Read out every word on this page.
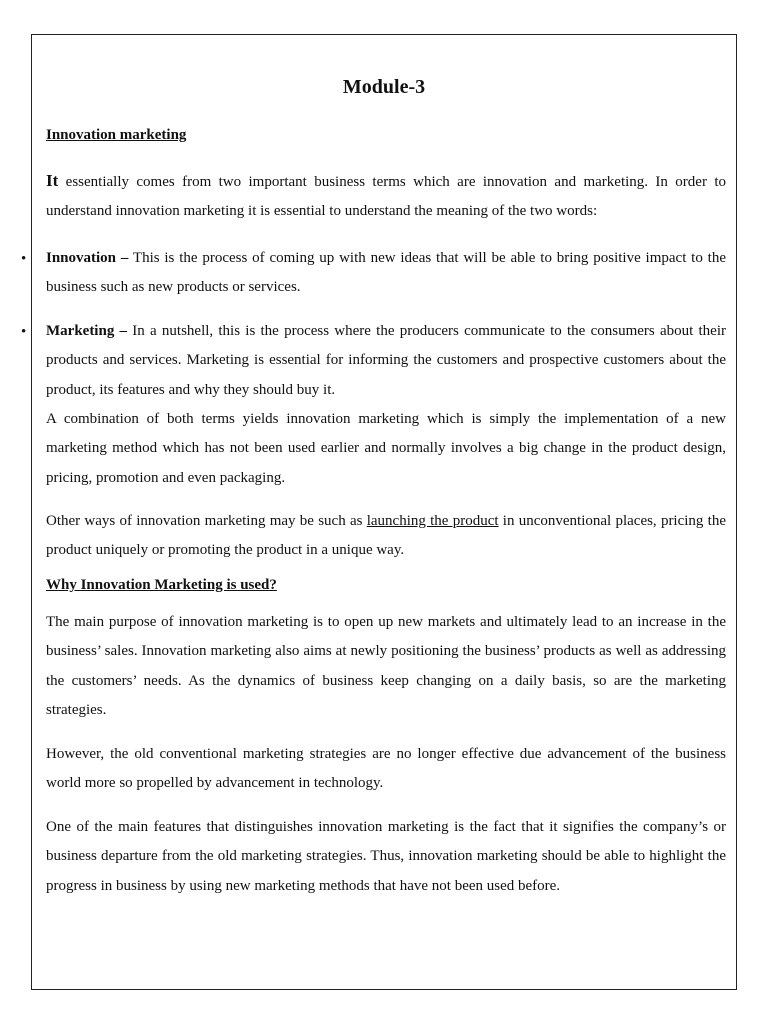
Module-3
Innovation marketing

It essentially comes from two important business terms which are innovation and marketing. In order to understand innovation marketing it is essential to understand the meaning of the two words:

• Innovation – This is the process of coming up with new ideas that will be able to bring positive impact to the business such as new products or services.

• Marketing – In a nutshell, this is the process where the producers communicate to the consumers about their products and services. Marketing is essential for informing the customers and prospective customers about the product, its features and why they should buy it.

A combination of both terms yields innovation marketing which is simply the implementation of a new marketing method which has not been used earlier and normally involves a big change in the product design, pricing, promotion and even packaging.

Other ways of innovation marketing may be such as launching the product in unconventional places, pricing the product uniquely or promoting the product in a unique way.

Why Innovation Marketing is used?

The main purpose of innovation marketing is to open up new markets and ultimately lead to an increase in the business’ sales. Innovation marketing also aims at newly positioning the business’ products as well as addressing the customers’ needs. As the dynamics of business keep changing on a daily basis, so are the marketing strategies.

However, the old conventional marketing strategies are no longer effective due advancement of the business world more so propelled by advancement in technology.

One of the main features that distinguishes innovation marketing is the fact that it signifies the company’s or business departure from the old marketing strategies. Thus, innovation marketing should be able to highlight the progress in business by using new marketing methods that have not been used before.
